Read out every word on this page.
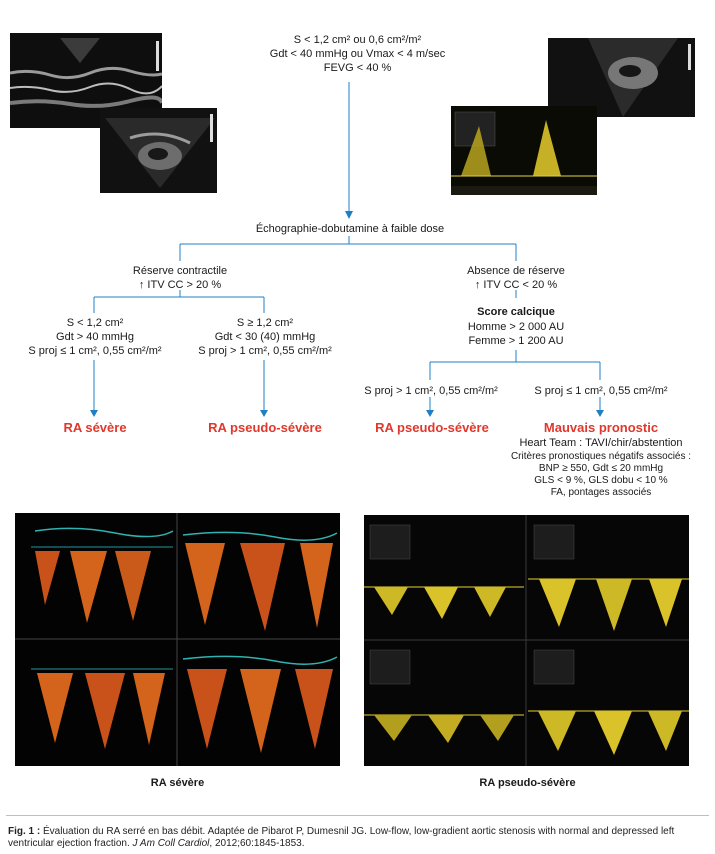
S < 1,2 cm² ou 0,6 cm²/m²
Gdt < 40 mmHg ou Vmax < 4 m/sec
FEVG < 40 %
Échographie-dobutamine à faible dose
Réserve contractile
↑ ITV CC > 20 %
S < 1,2 cm²
Gdt > 40 mmHg
S proj ≤ 1 cm², 0,55 cm²/m²
RA sévère
S ≥ 1,2 cm²
Gdt < 30 (40) mmHg
S proj > 1 cm², 0,55 cm²/m²
RA pseudo-sévère
Absence de réserve
↑ ITV CC < 20 %
Score calcique
Homme > 2 000 AU
Femme > 1 200 AU
S proj > 1 cm², 0,55 cm²/m²
RA pseudo-sévère
S proj ≤ 1 cm², 0,55 cm²/m²
Mauvais pronostic
Heart Team : TAVI/chir/abstention
Critères pronostiques négatifs associés :
BNP ≥ 550, Gdt ≤ 20 mmHg
GLS < 9 %, GLS dobu < 10 %
FA, pontages associés
RA sévère	RA pseudo-sévère
Fig. 1 : Évaluation du RA serré en bas débit. Adaptée de Pibarot P, Dumesnil JG. Low-flow, low-gradient aortic stenosis with normal and depressed left ventricular ejection fraction. J Am Coll Cardiol, 2012;60:1845-1853.
